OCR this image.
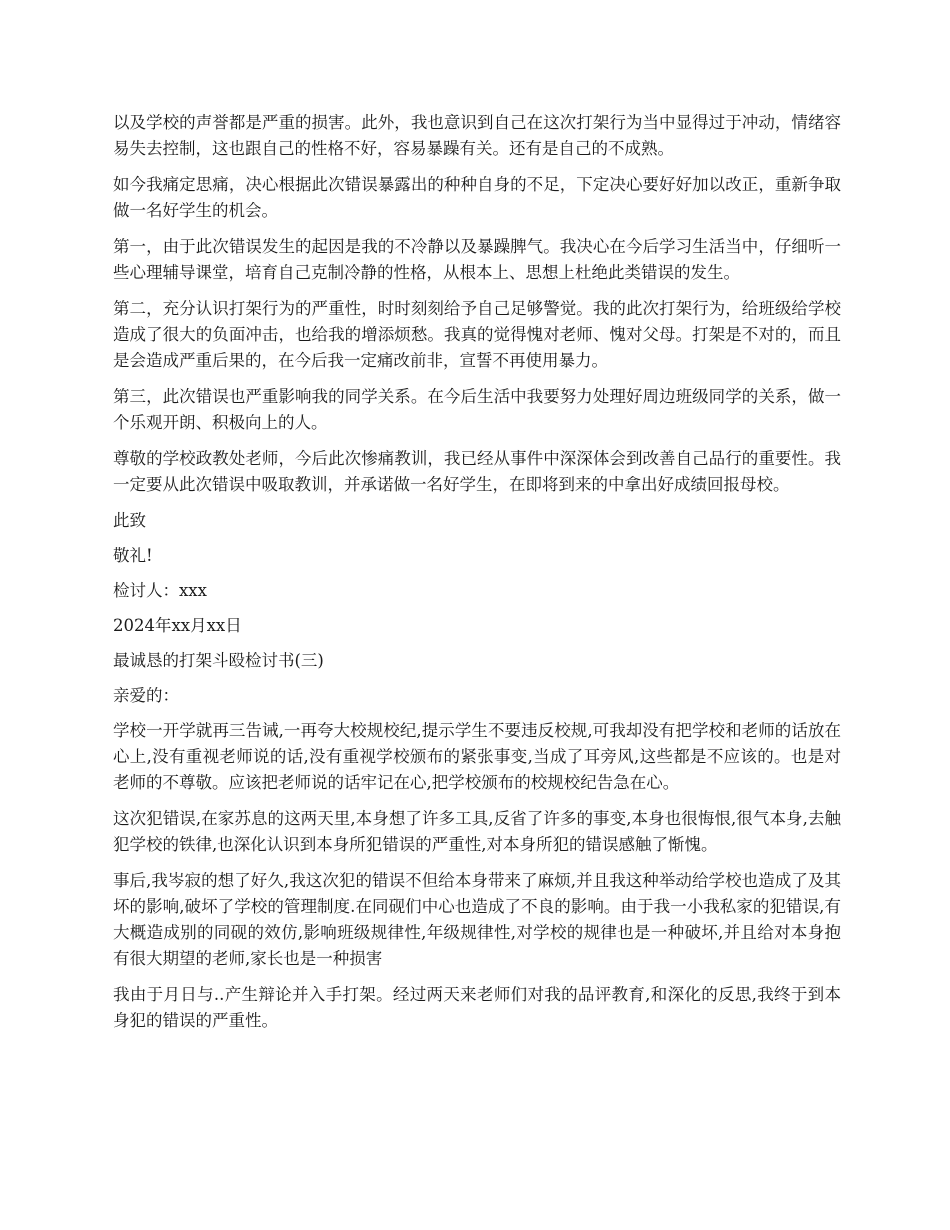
以及学校的声誉都是严重的损害。此外，我也意识到自己在这次打架行为当中显得过于冲动，情绪容易失去控制，这也跟自己的性格不好，容易暴躁有关。还有是自己的不成熟。

如今我痛定思痛，决心根据此次错误暴露出的种种自身的不足，下定决心要好好加以改正，重新争取做一名好学生的机会。

第一，由于此次错误发生的起因是我的不冷静以及暴躁脾气。我决心在今后学习生活当中，仔细听一些心理辅导课堂，培育自己克制冷静的性格，从根本上、思想上杜绝此类错误的发生。

第二，充分认识打架行为的严重性，时时刻刻给予自己足够警觉。我的此次打架行为，给班级给学校造成了很大的负面冲击，也给我的增添烦愁。我真的觉得愧对老师、愧对父母。打架是不对的，而且是会造成严重后果的，在今后我一定痛改前非，宣誓不再使用暴力。

第三，此次错误也严重影响我的同学关系。在今后生活中我要努力处理好周边班级同学的关系，做一个乐观开朗、积极向上的人。

尊敬的学校政教处老师，今后此次惨痛教训，我已经从事件中深深体会到改善自己品行的重要性。我一定要从此次错误中吸取教训，并承诺做一名好学生，在即将到来的中拿出好成绩回报母校。

此致

敬礼!

检讨人：xxx

2024年xx月xx日

最诚恳的打架斗殴检讨书(三)

亲爱的：

学校一开学就再三告诫,一再夸大校规校纪,提示学生不要违反校规,可我却没有把学校和老师的话放在心上,没有重视老师说的话,没有重视学校颁布的紧张事变,当成了耳旁风,这些都是不应该的。也是对老师的不尊敬。应该把老师说的话牢记在心,把学校颁布的校规校纪告急在心。

这次犯错误,在家苏息的这两天里,本身想了许多工具,反省了许多的事变,本身也很悔恨,很气本身,去触犯学校的铁律,也深化认识到本身所犯错误的严重性,对本身所犯的错误感触了惭愧。

事后,我岑寂的想了好久,我这次犯的错误不但给本身带来了麻烦,并且我这种举动给学校也造成了及其坏的影响,破坏了学校的管理制度.在同砚们中心也造成了不良的影响。由于我一小我私家的犯错误,有大概造成别的同砚的效仿,影响班级规律性,年级规律性,对学校的规律也是一种破坏,并且给对本身抱有很大期望的老师,家长也是一种损害

我由于月日与..产生辩论并入手打架。经过两天来老师们对我的品评教育,和深化的反思,我终于到本身犯的错误的严重性。
